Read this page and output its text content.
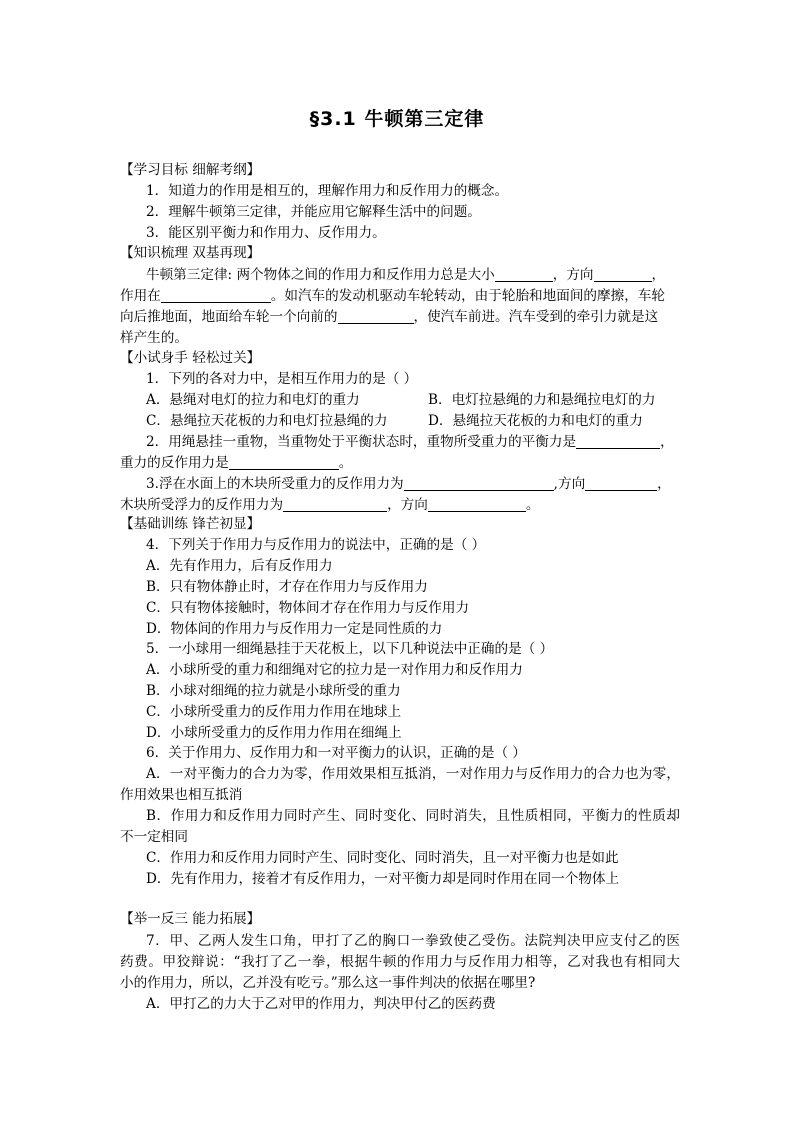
§3.1 牛顿第三定律
【学习目标 细解考纲】
1．知道力的作用是相互的，理解作用力和反作用力的概念。
2．理解牛顿第三定律，并能应用它解释生活中的问题。
3．能区别平衡力和作用力、反作用力。
【知识梳理 双基再现】
牛顿第三定律: 两个物体之间的作用力和反作用力总是大小	，方向	，
作用在	。如汽车的发动机驱动车轮转动，由于轮胎和地面间的摩擦，车轮
向后推地面，地面给车轮一个向前的	，使汽车前进。汽车受到的牵引力就是这
样产生的。
【小试身手 轻松过关】
1．下列的各对力中，是相互作用力的是（ ）
A．悬绳对电灯的拉力和电灯的重力	B．电灯拉悬绳的力和悬绳拉电灯的力
C．悬绳拉天花板的力和电灯拉悬绳的力	D．悬绳拉天花板的力和电灯的重力
2．用绳悬挂一重物，当重物处于平衡状态时，重物所受重力的平衡力是	，
重力的反作用力是	。
3.浮在水面上的木块所受重力的反作用力为	,方向	，
木块所受浮力的反作用力为	，方向	。
【基础训练 锋芒初显】
4．下列关于作用力与反作用力的说法中，正确的是（ ）
A．先有作用力，后有反作用力
B．只有物体静止时，才存在作用力与反作用力
C．只有物体接触时，物体间才存在作用力与反作用力
D．物体间的作用力与反作用力一定是同性质的力
5．一小球用一细绳悬挂于天花板上，以下几种说法中正确的是（ ）
A．小球所受的重力和细绳对它的拉力是一对作用力和反作用力
B．小球对细绳的拉力就是小球所受的重力
C．小球所受重力的反作用力作用在地球上
D．小球所受重力的反作用力作用在细绳上
6．关于作用力、反作用力和一对平衡力的认识，正确的是（ ）
A．一对平衡力的合力为零，作用效果相互抵消，一对作用力与反作用力的合力也为零，
作用效果也相互抵消
B．作用力和反作用力同时产生、同时变化、同时消失，且性质相同，平衡力的性质却
不一定相同
C．作用力和反作用力同时产生、同时变化、同时消失，且一对平衡力也是如此
D．先有作用力，接着才有反作用力，一对平衡力却是同时作用在同一个物体上
【举一反三 能力拓展】
7．甲、乙两人发生口角，甲打了乙的胸口一拳致使乙受伤。法院判决甲应支付乙的医
药费。甲狡辩说：“我打了乙一拳，根据牛顿的作用力与反作用力相等，乙对我也有相同大
小的作用力，所以，乙并没有吃亏。”那么这一事件判决的依据在哪里?
A．甲打乙的力大于乙对甲的作用力，判决甲付乙的医药费
